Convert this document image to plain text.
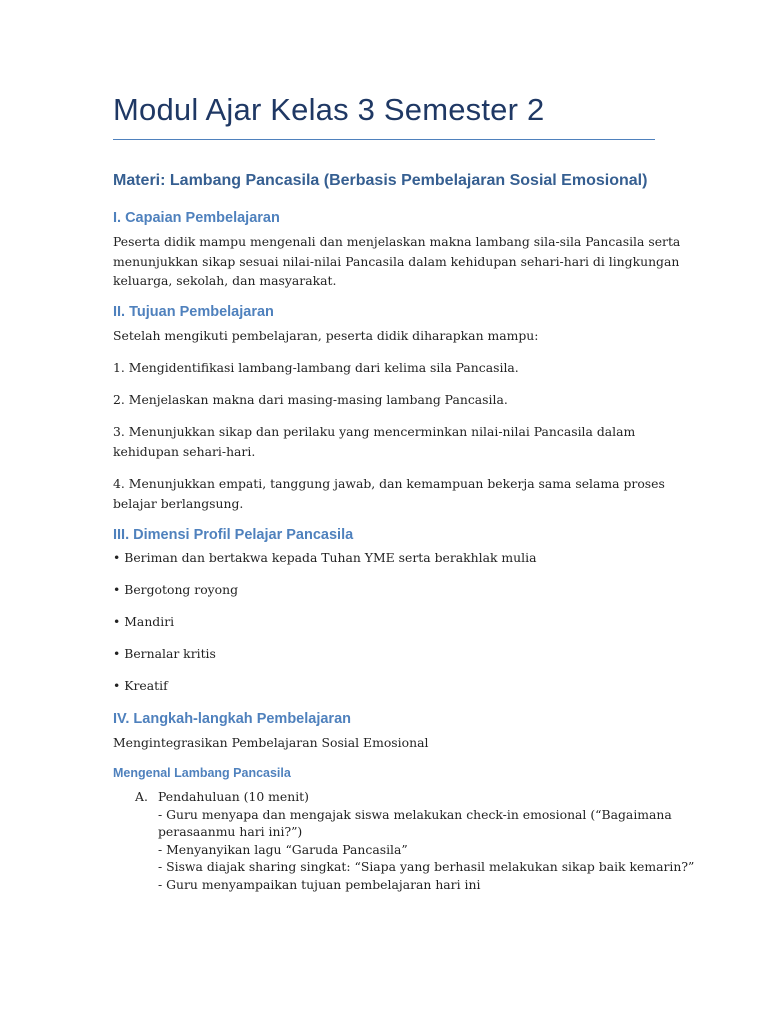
Modul Ajar Kelas 3 Semester 2
Materi: Lambang Pancasila (Berbasis Pembelajaran Sosial Emosional)
I. Capaian Pembelajaran
Peserta didik mampu mengenali dan menjelaskan makna lambang sila-sila Pancasila serta
menunjukkan sikap sesuai nilai-nilai Pancasila dalam kehidupan sehari-hari di lingkungan
keluarga, sekolah, dan masyarakat.
II. Tujuan Pembelajaran
Setelah mengikuti pembelajaran, peserta didik diharapkan mampu:
1. Mengidentifikasi lambang-lambang dari kelima sila Pancasila.
2. Menjelaskan makna dari masing-masing lambang Pancasila.
3. Menunjukkan sikap dan perilaku yang mencerminkan nilai-nilai Pancasila dalam
kehidupan sehari-hari.
4. Menunjukkan empati, tanggung jawab, dan kemampuan bekerja sama selama proses
belajar berlangsung.
III. Dimensi Profil Pelajar Pancasila
• Beriman dan bertakwa kepada Tuhan YME serta berakhlak mulia
• Bergotong royong
• Mandiri
• Bernalar kritis
• Kreatif
IV. Langkah-langkah Pembelajaran
Mengintegrasikan Pembelajaran Sosial Emosional
Mengenal Lambang Pancasila
A. Pendahuluan (10 menit)
- Guru menyapa dan mengajak siswa melakukan check-in emosional (“Bagaimana
perasaanmu hari ini?”)
- Menyanyikan lagu “Garuda Pancasila”
- Siswa diajak sharing singkat: “Siapa yang berhasil melakukan sikap baik kemarin?”
- Guru menyampaikan tujuan pembelajaran hari ini
